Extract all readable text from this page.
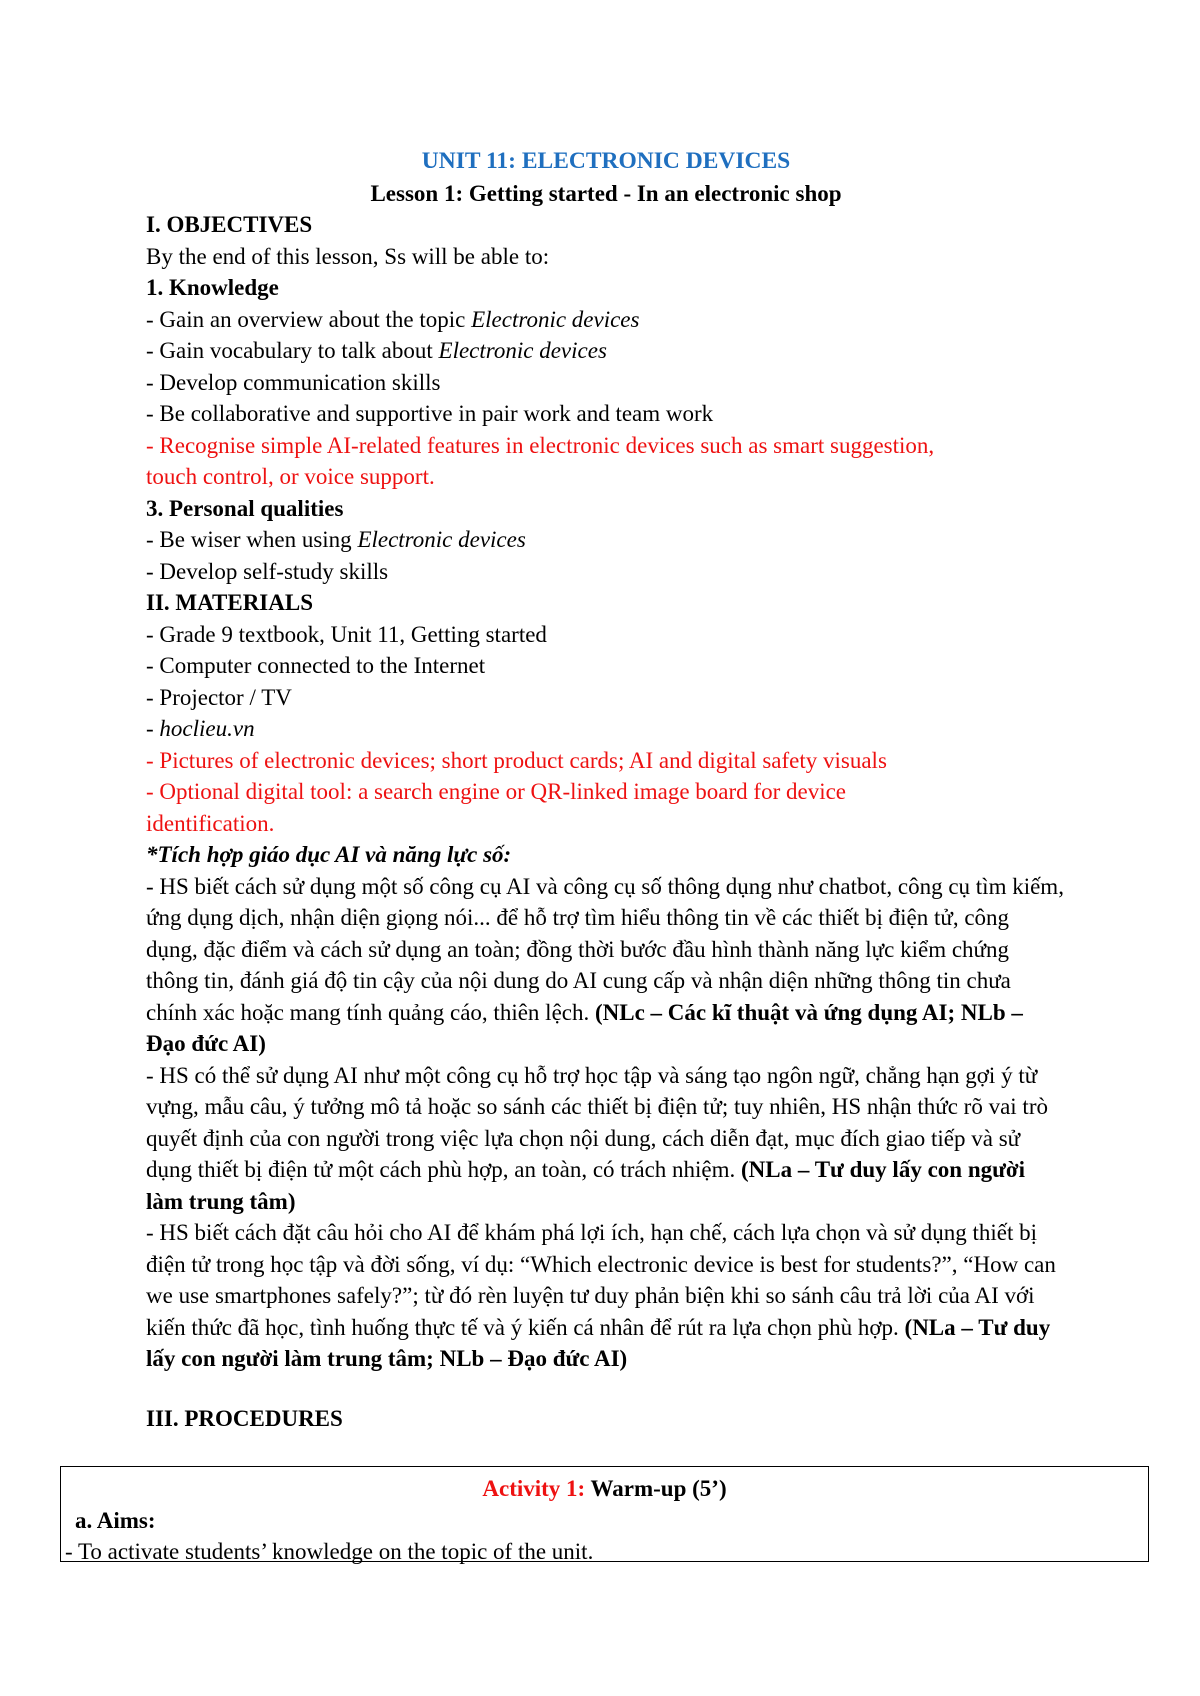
UNIT 11: ELECTRONIC DEVICES
Lesson 1: Getting started - In an electronic shop
I. OBJECTIVES
By the end of this lesson, Ss will be able to:
1. Knowledge
- Gain an overview about the topic Electronic devices
- Gain vocabulary to talk about Electronic devices
- Develop communication skills
- Be collaborative and supportive in pair work and team work
- Recognise simple AI-related features in electronic devices such as smart suggestion,
touch control, or voice support.
3. Personal qualities
- Be wiser when using Electronic devices
- Develop self-study skills
II. MATERIALS
- Grade 9 textbook, Unit 11, Getting started
- Computer connected to the Internet
- Projector / TV
- hoclieu.vn
- Pictures of electronic devices; short product cards; AI and digital safety visuals
- Optional digital tool: a search engine or QR-linked image board for device
identification.
*Tích hợp giáo dục AI và năng lực số:
- HS biết cách sử dụng một số công cụ AI và công cụ số thông dụng như chatbot, công cụ tìm kiếm, ứng dụng dịch, nhận diện giọng nói... để hỗ trợ tìm hiểu thông tin về các thiết bị điện tử, công dụng, đặc điểm và cách sử dụng an toàn; đồng thời bước đầu hình thành năng lực kiểm chứng thông tin, đánh giá độ tin cậy của nội dung do AI cung cấp và nhận diện những thông tin chưa chính xác hoặc mang tính quảng cáo, thiên lệch. (NLc – Các kĩ thuật và ứng dụng AI; NLb – Đạo đức AI)
- HS có thể sử dụng AI như một công cụ hỗ trợ học tập và sáng tạo ngôn ngữ, chẳng hạn gợi ý từ vựng, mẫu câu, ý tưởng mô tả hoặc so sánh các thiết bị điện tử; tuy nhiên, HS nhận thức rõ vai trò quyết định của con người trong việc lựa chọn nội dung, cách diễn đạt, mục đích giao tiếp và sử dụng thiết bị điện tử một cách phù hợp, an toàn, có trách nhiệm. (NLa – Tư duy lấy con người làm trung tâm)
- HS biết cách đặt câu hỏi cho AI để khám phá lợi ích, hạn chế, cách lựa chọn và sử dụng thiết bị điện tử trong học tập và đời sống, ví dụ: “Which electronic device is best for students?”, “How can we use smartphones safely?”; từ đó rèn luyện tư duy phản biện khi so sánh câu trả lời của AI với kiến thức đã học, tình huống thực tế và ý kiến cá nhân để rút ra lựa chọn phù hợp. (NLa – Tư duy lấy con người làm trung tâm; NLb – Đạo đức AI)
III. PROCEDURES
Activity 1: Warm-up (5’)
a. Aims:
- To activate students’ knowledge on the topic of the unit.
